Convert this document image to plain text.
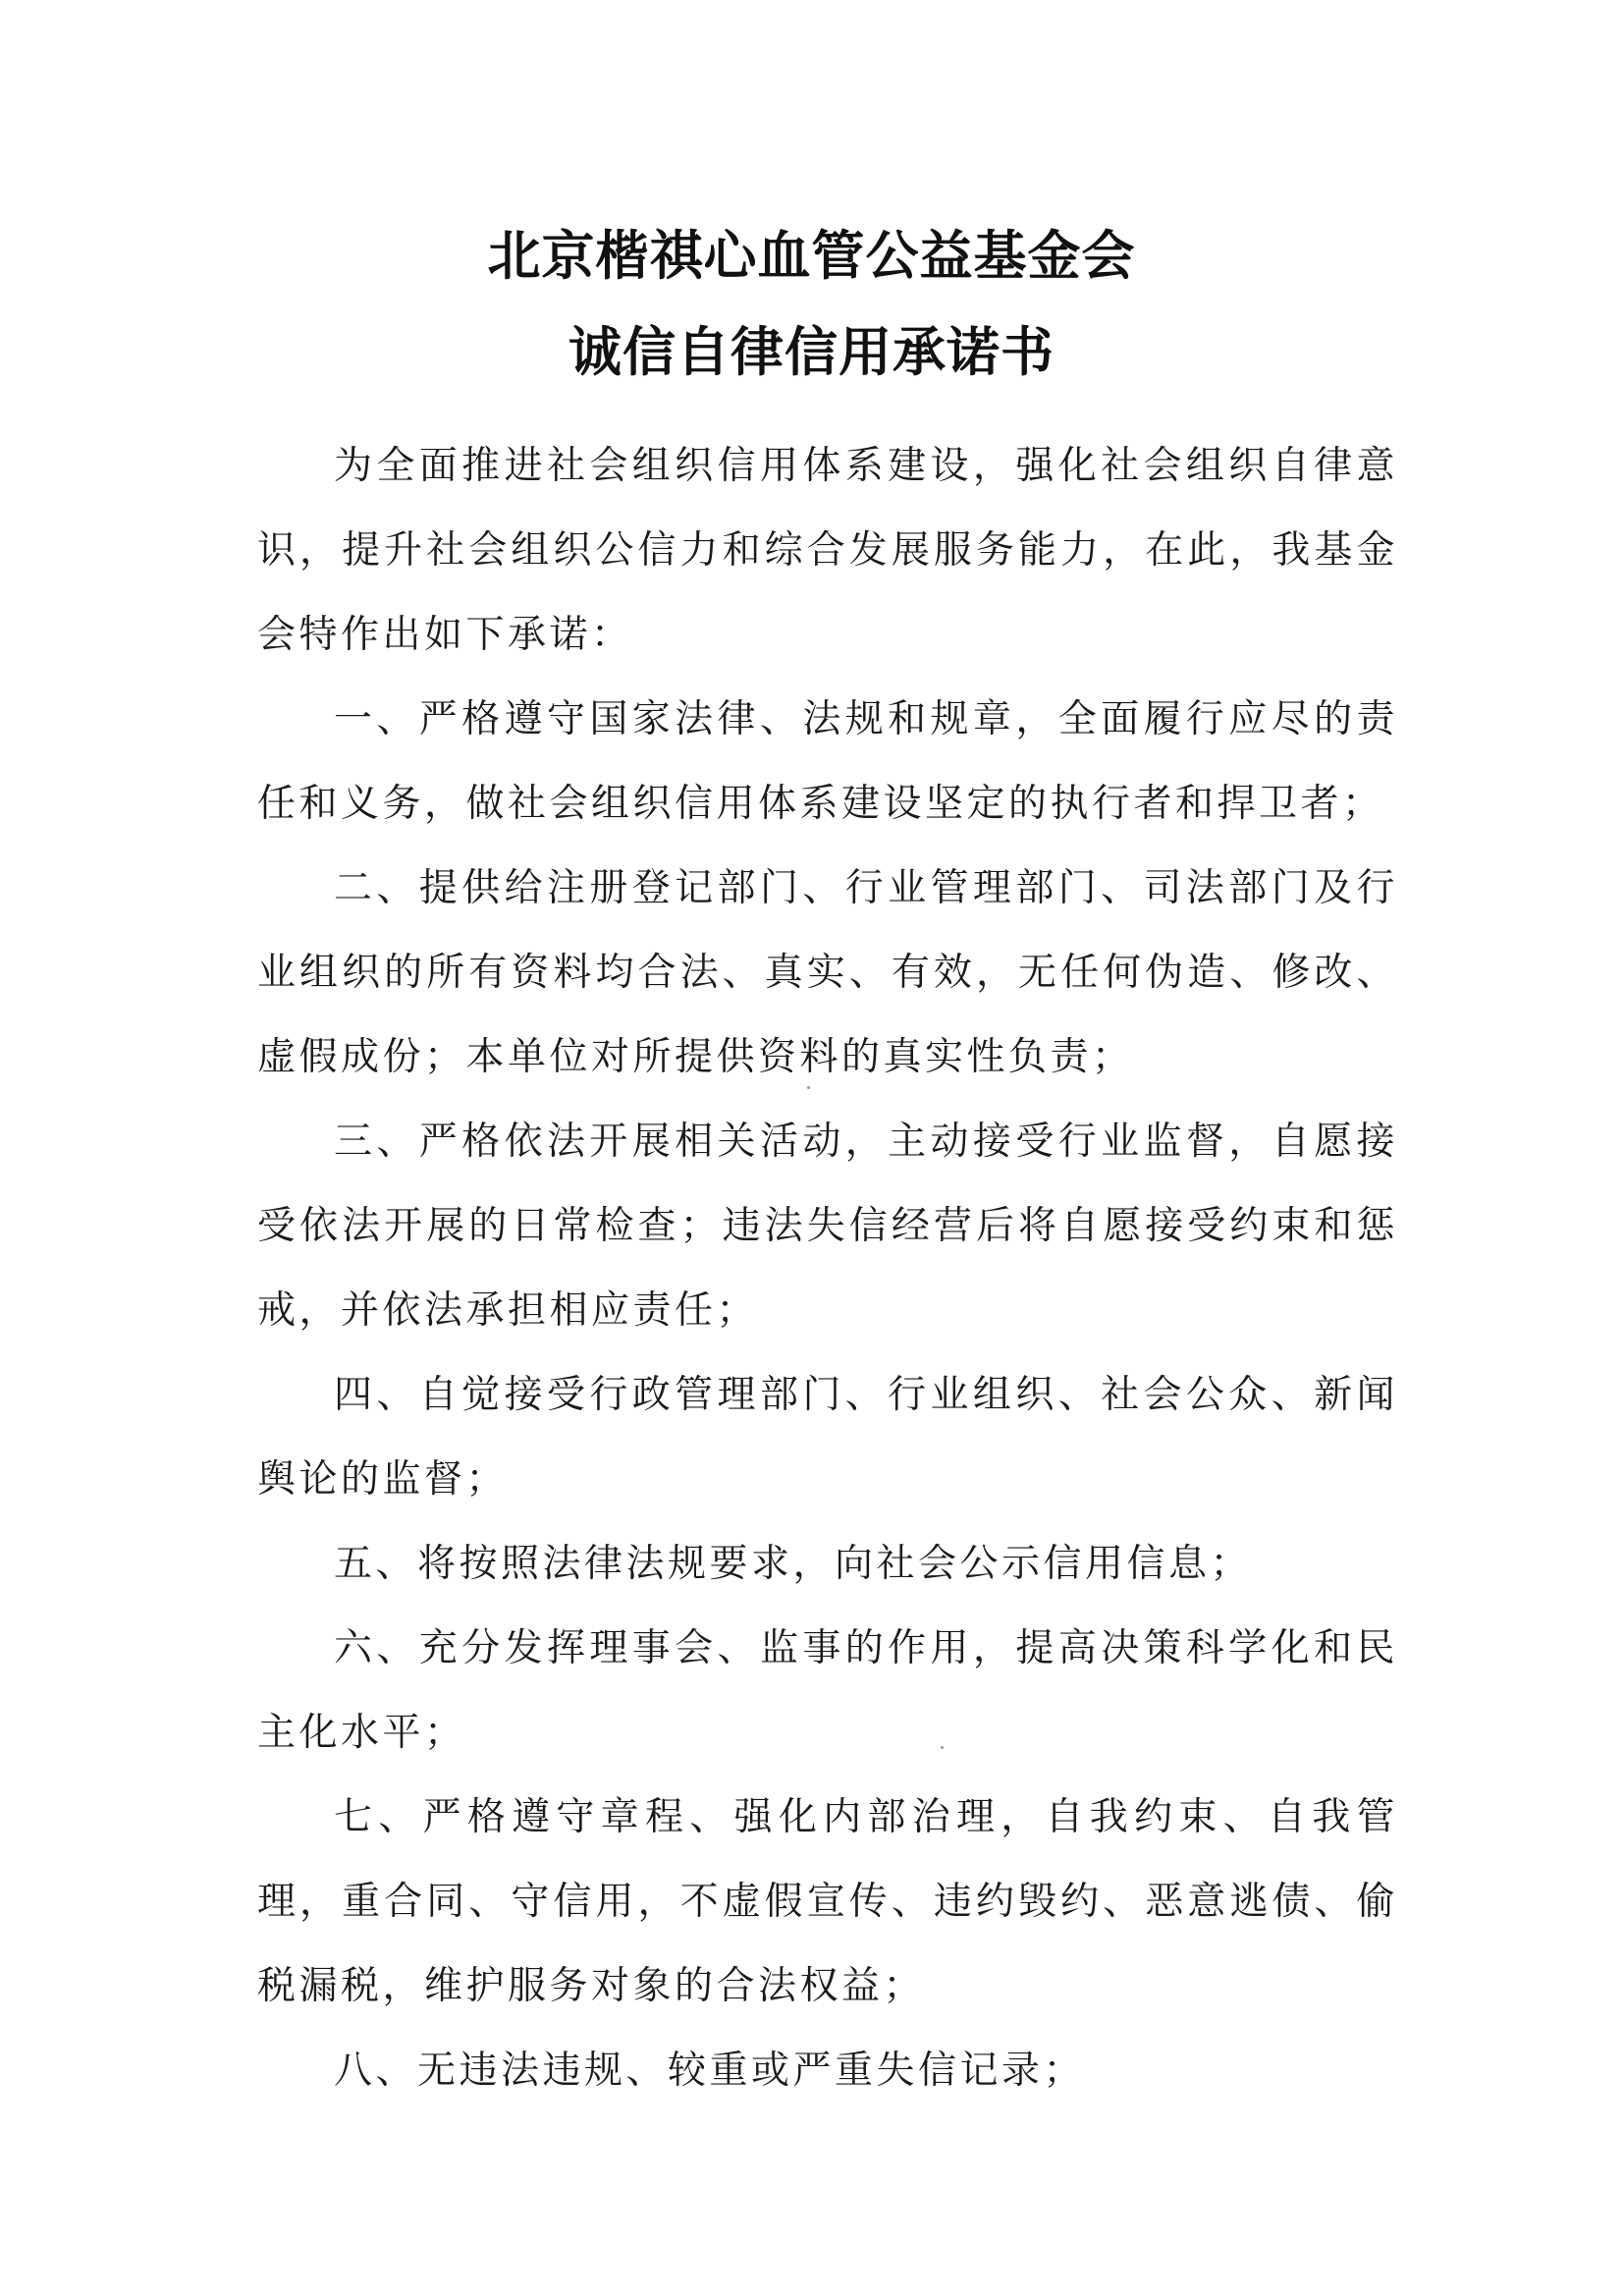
北京楷祺心血管公益基金会
诚信自律信用承诺书

为全面推进社会组织信用体系建设，强化社会组织自律意识，提升社会组织公信力和综合发展服务能力，在此，我基金会特作出如下承诺：

一、严格遵守国家法律、法规和规章，全面履行应尽的责任和义务，做社会组织信用体系建设坚定的执行者和捍卫者；

二、提供给注册登记部门、行业管理部门、司法部门及行业组织的所有资料均合法、真实、有效，无任何伪造、修改、虚假成份；本单位对所提供资料的真实性负责；

三、严格依法开展相关活动，主动接受行业监督，自愿接受依法开展的日常检查；违法失信经营后将自愿接受约束和惩戒，并依法承担相应责任；

四、自觉接受行政管理部门、行业组织、社会公众、新闻舆论的监督；

五、将按照法律法规要求，向社会公示信用信息；

六、充分发挥理事会、监事的作用，提高决策科学化和民主化水平；

七、严格遵守章程、强化内部治理，自我约束、自我管理，重合同、守信用，不虚假宣传、违约毁约、恶意逃债、偷税漏税，维护服务对象的合法权益；

八、无违法违规、较重或严重失信记录；
